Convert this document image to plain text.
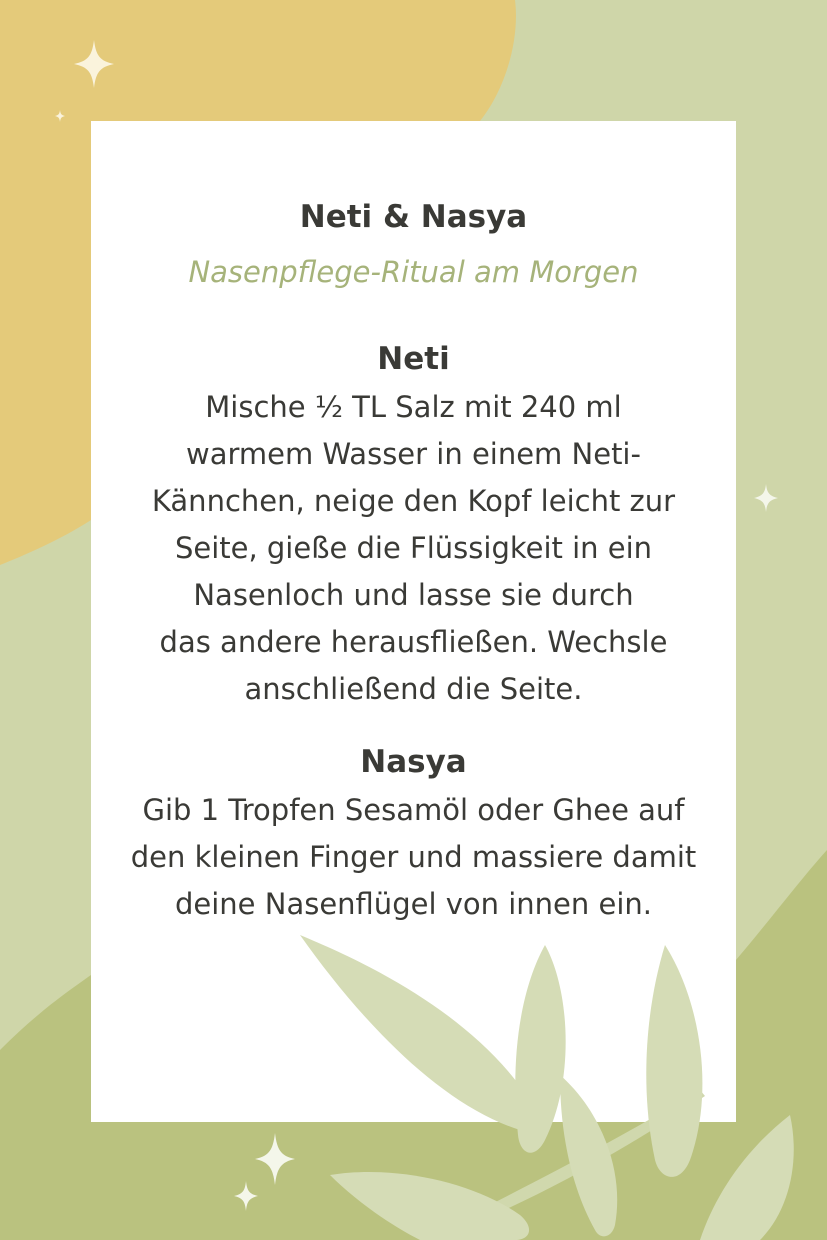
Neti & Nasya
Nasenpflege-Ritual am Morgen
Neti
Mische ½ TL Salz mit 240 ml
warmem Wasser in einem Neti-
Kännchen, neige den Kopf leicht zur
Seite, gieße die Flüssigkeit in ein
Nasenloch und lasse sie durch
das andere herausfließen. Wechsle
anschließend die Seite.
Nasya
Gib 1 Tropfen Sesamöl oder Ghee auf
den kleinen Finger und massiere damit
deine Nasenflügel von innen ein.
